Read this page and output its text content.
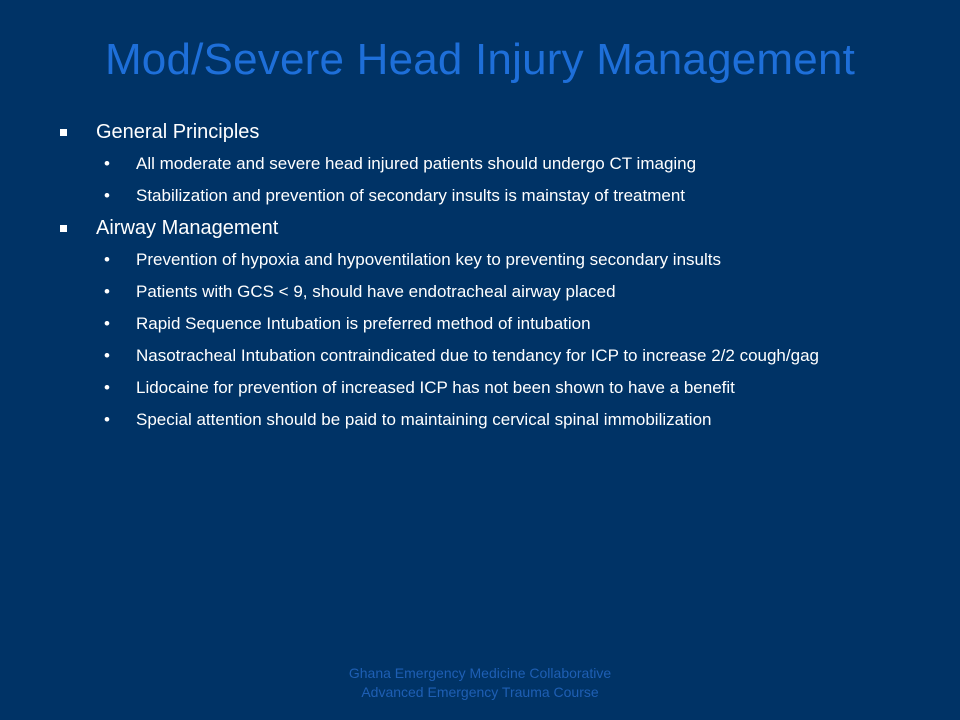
Mod/Severe Head Injury Management
General Principles
• All moderate and severe head injured patients should undergo CT imaging
• Stabilization and prevention of secondary insults is mainstay of treatment
Airway Management
• Prevention of hypoxia and hypoventilation key to preventing secondary insults
• Patients with GCS < 9, should have endotracheal airway placed
• Rapid Sequence Intubation is preferred method of intubation
• Nasotracheal Intubation contraindicated due to tendancy for ICP to increase 2/2 cough/gag
• Lidocaine for prevention of increased ICP has not been shown to have a benefit
• Special attention should be paid to maintaining cervical spinal immobilization
Ghana Emergency Medicine Collaborative
Advanced Emergency Trauma Course
